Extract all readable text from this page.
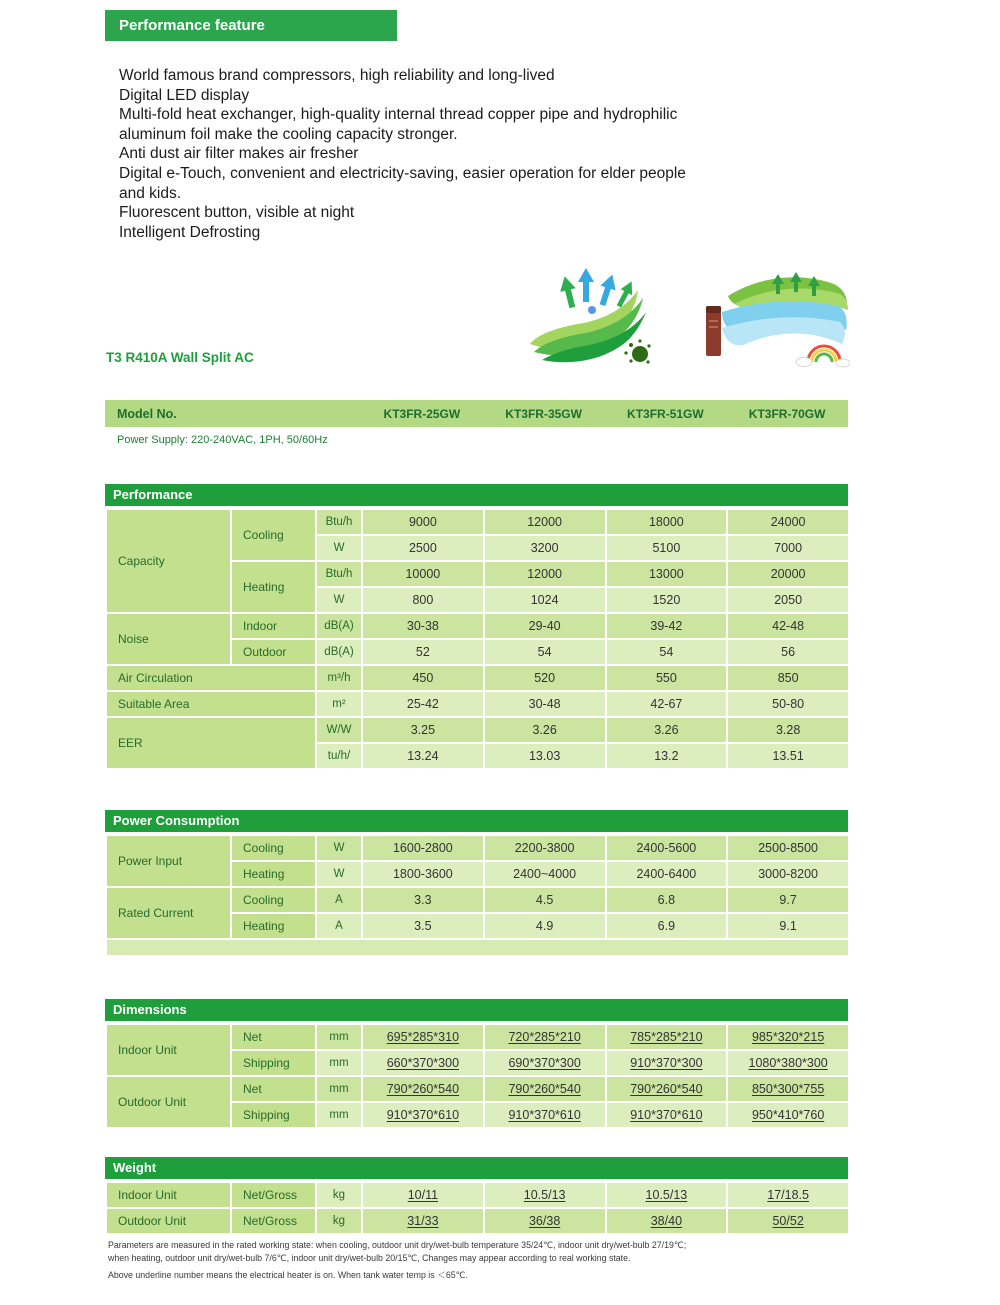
Performance feature
World famous brand compressors, high reliability and long-lived
Digital LED display
Multi-fold heat exchanger, high-quality internal thread copper pipe and hydrophilic aluminum foil make the cooling capacity stronger.
Anti dust air filter makes air fresher
Digital e-Touch, convenient and electricity-saving, easier operation for elder people and kids.
Fluorescent button, visible at night
Intelligent Defrosting
T3 R410A Wall Split AC
Model No.	KT3FR-25GW	KT3FR-35GW	KT3FR-51GW	KT3FR-70GW
Power Supply: 220-240VAC, 1PH, 50/60Hz
Performance
Capacity	Cooling	Btu/h	9000	12000	18000	24000
		W	2500	3200	5100	7000
	Heating	Btu/h	10000	12000	13000	20000
		W	800	1024	1520	2050
Noise	Indoor	dB(A)	30-38	29-40	39-42	42-48
	Outdoor	dB(A)	52	54	54	56
Air Circulation		m³/h	450	520	550	850
Suitable Area		m²	25-42	30-48	42-67	50-80
EER		W/W	3.25	3.26	3.26	3.28
		tu/h/	13.24	13.03	13.2	13.51
Power Consumption
Power Input	Cooling	W	1600-2800	2200-3800	2400-5600	2500-8500
	Heating	W	1800-3600	2400~4000	2400-6400	3000-8200
Rated Current	Cooling	A	3.3	4.5	6.8	9.7
	Heating	A	3.5	4.9	6.9	9.1

Dimensions
Indoor Unit	Net	mm	695*285*310	720*285*210	785*285*210	985*320*215
	Shipping	mm	660*370*300	690*370*300	910*370*300	1080*380*300
Outdoor Unit	Net	mm	790*260*540	790*260*540	790*260*540	850*300*755
	Shipping	mm	910*370*610	910*370*610	910*370*610	950*410*760
Weight
Indoor Unit	Net/Gross	kg	10/11	10.5/13	10.5/13	17/18.5
Outdoor Unit	Net/Gross	kg	31/33	36/38	38/40	50/52
Parameters are measured in the rated working state: when cooling, outdoor unit dry/wet-bulb temperature 35/24℃, indoor unit dry/wet-bulb 27/19℃;
when heating, outdoor unit dry/wet-bulb 7/6℃, indoor unit dry/wet-bulb 20/15℃, Changes may appear according to real working state.
Above underline number means the electrical heater is on. When tank water temp is ＜65℃.
